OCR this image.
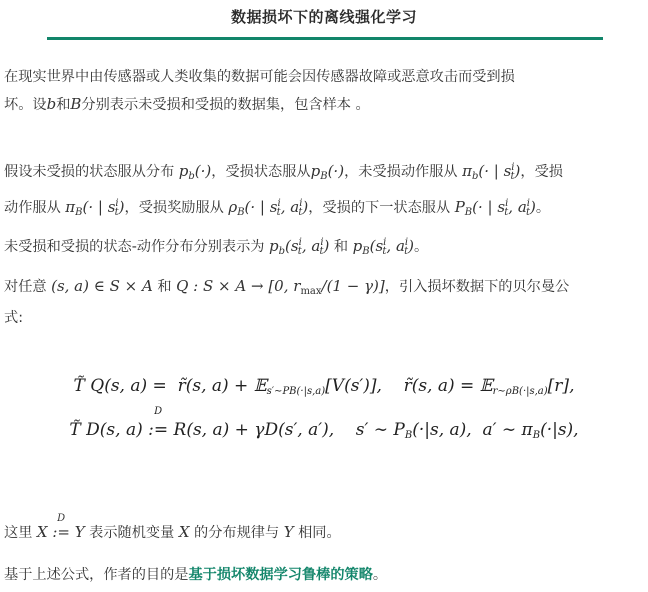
数据损坏下的离线强化学习
在现实世界中由传感器或人类收集的数据可能会因传感器故障或恶意攻击而受到损
坏。设b和B分别表示未受损和受损的数据集，包含样本 。
假设未受损的状态服从分布 $p_b(\cdot)$，受损状态服从$p_B(\cdot)$，未受损动作服从 $\pi_b(\cdot$ | $s^i_t$)，受损
动作服从 $\pi_B(\cdot$ | $s^i_t$)，受损奖励服从 $\rho_B(\cdot$ | $s^i_t$, $a^i_t$)，受损的下一状态服从 $P_B(\cdot$ | $s^i_t$, $a^i_t$)。
未受损和受损的状态-动作分布分别表示为 $p_b(s^i_t$, $a^i_t$) 和 $p_B(s^i_t$, $a^i_t$)。
对任意 (s, a) ∈ S × A 和 Q : S × A → [0, $r_{max}/(1 - \gamma)$]，引入损坏数据下的贝尔曼公
式:
T̃ Q(s, a) =  r̃(s, a) + 𝔼$_{s'\sim PB(\cdot|s,a)}$[V(s′)],    r̃(s, a) = 𝔼$_{r\sim\rho B(\cdot|s,a)}$[r],
T̃ D(s, a) :=
D
R(s, a) + γD(s′, a′),    s′ ∼ $P_B(\cdot|s$, a),  a′ ∼ $\pi_B(\cdot|s)$,
这里 X :=
D
Y 表示随机变量 X 的分布规律与 Y 相同。
基于上述公式，作者的目的是基于损坏数据学习鲁棒的策略。
